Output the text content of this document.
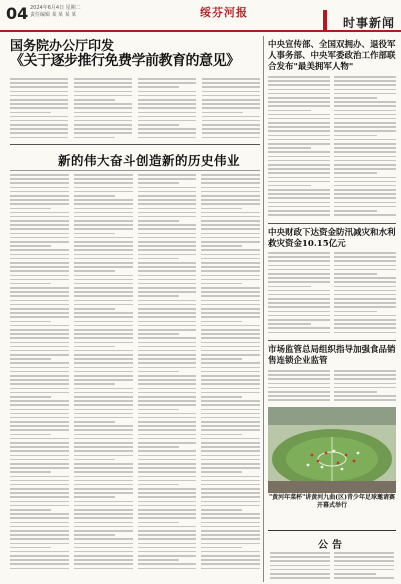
04 2024年6月4日 星期二
责任编辑 某 某 某 某	绥芬河报
时事新闻
国务院办公厅印发
《关于逐步推行免费学前教育的意见》
新的伟大奋斗创造新的历史伟业
中央宣传部、全国双拥办、退役军人事务部、中央军委政治工作部联合发布"最美拥军人物"
中央财政下达资金防汛减灾和水利救灾资金10.15亿元
市场监管总局组织指导加强食品销售连锁企业监管
"黄河年菜杯"讲黄河九曲(区)青少年足球邀请赛开幕式举行
公告
